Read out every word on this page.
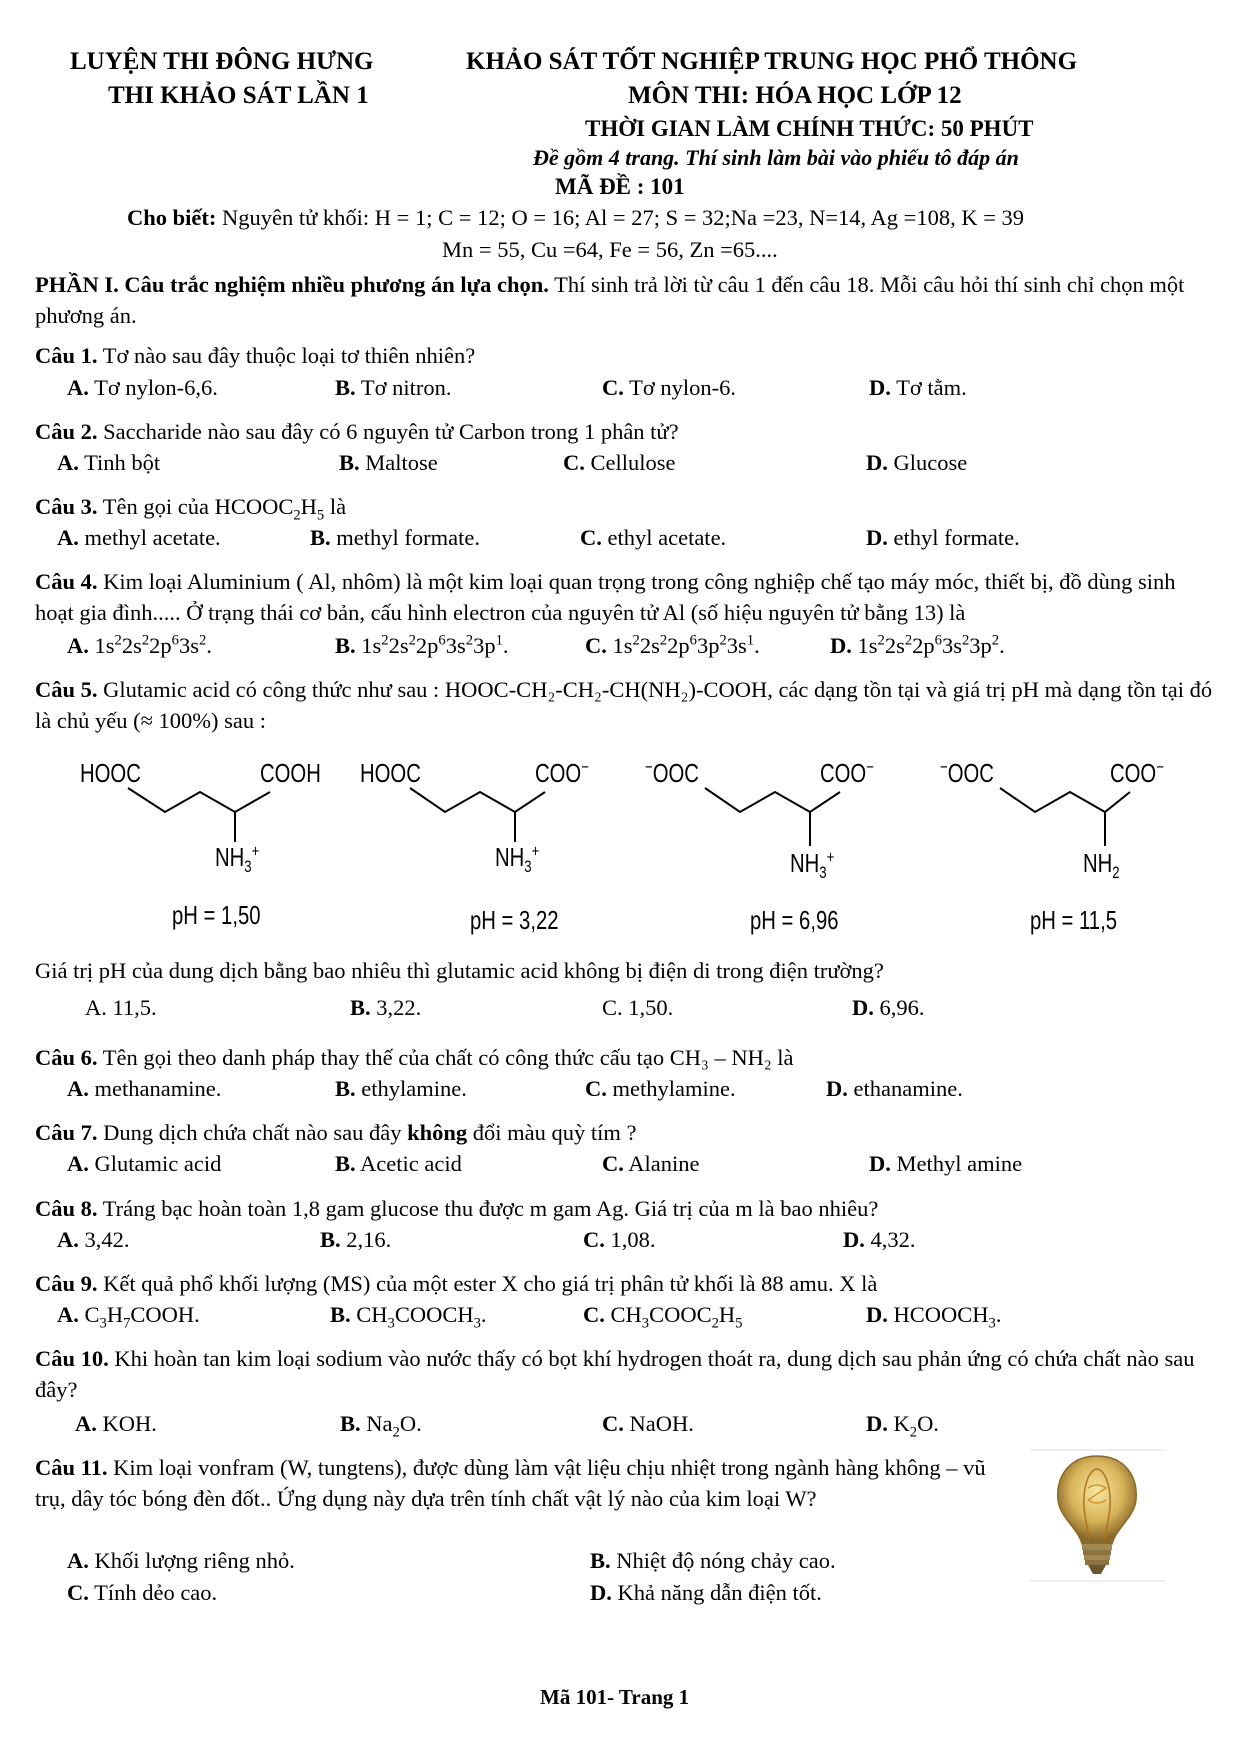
LUYỆN THI ĐÔNG HƯNG
THI KHẢO SÁT LẦN 1
KHẢO SÁT TỐT NGHIỆP TRUNG HỌC PHỔ THÔNG
MÔN THI: HÓA HỌC LỚP 12
THỜI GIAN LÀM CHÍNH THỨC: 50 PHÚT
Đề gồm 4 trang. Thí sinh làm bài vào phiếu tô đáp án
MÃ ĐỀ : 101
Cho biết: Nguyên tử khối: H = 1; C = 12; O = 16; Al = 27; S = 32;Na =23, N=14, Ag =108, K = 39
Mn = 55, Cu =64, Fe = 56, Zn =65....
PHẦN I. Câu trắc nghiệm nhiều phương án lựa chọn. Thí sinh trả lời từ câu 1 đến câu 18. Mỗi câu hỏi thí sinh chỉ chọn một phương án.
Câu 1. Tơ nào sau đây thuộc loại tơ thiên nhiên?
A. Tơ nylon-6,6.	B. Tơ nitron.	C. Tơ nylon-6.	D. Tơ tằm.
Câu 2. Saccharide nào sau đây có 6 nguyên tử Carbon trong 1 phân tử?
A. Tinh bột	B. Maltose	C. Cellulose	D. Glucose
Câu 3. Tên gọi của $HCOOC_2H_5$ là
A. methyl acetate.	B. methyl formate.	C. ethyl acetate.	D. ethyl formate.
Câu 4. Kim loại Aluminium ( Al, nhôm) là một kim loại quan trọng trong công nghiệp chế tạo máy móc, thiết bị, đồ dùng sinh hoạt gia đình..... Ở trạng thái cơ bản, cấu hình electron của nguyên tử Al (số hiệu nguyên tử bằng 13) là
A. $1s^22s^22p^63s^2$.	B. $1s^22s^22p^63s^23p^1$.	C. $1s^22s^22p^63p^23s^1$.	D. $1s^22s^22p^63s^23p^2$.
Câu 5. Glutamic acid có công thức như sau : HOOC-CH₂-CH₂-CH(NH₂)-COOH, các dạng tồn tại và giá trị pH mà dạng tồn tại đó là chủ yếu (≈ 100%) sau :
HOOC	COOH
$NH_3^+$
pH = 1,50
HOOC	COO−
$NH_3^+$
pH = 3,22
−OOC	COO−
$NH_3^+$
pH = 6,96
−OOC	COO−
$NH_2$
pH = 11,5
Giá trị pH của dung dịch bằng bao nhiêu thì glutamic acid không bị điện di trong điện trường?
A. 11,5.	B. 3,22.	C. 1,50.	D. 6,96.
Câu 6. Tên gọi theo danh pháp thay thế của chất có công thức cấu tạo CH₃ – NH₂ là
A. methanamine.	B. ethylamine.	C. methylamine.	D. ethanamine.
Câu 7. Dung dịch chứa chất nào sau đây không đổi màu quỳ tím ?
A. Glutamic acid	B. Acetic acid	C. Alanine	D. Methyl amine
Câu 8. Tráng bạc hoàn toàn 1,8 gam glucose thu được m gam Ag. Giá trị của m là bao nhiêu?
A. 3,42.	B. 2,16.	C. 1,08.	D. 4,32.
Câu 9. Kết quả phổ khối lượng (MS) của một ester X cho giá trị phân tử khối là 88 amu. X là
A. $C_3H_7COOH$.	B. $CH_3COOCH_3$.	C. $CH_3COOC_2H_5$	D. $HCOOCH_3$.
Câu 10. Khi hoàn tan kim loại sodium vào nước thấy có bọt khí hydrogen thoát ra, dung dịch sau phản ứng có chứa chất nào sau đây?
A. KOH.	B. $Na_2O$.	C. NaOH.	D. $K_2O$.
Câu 11. Kim loại vonfram (W, tungtens), được dùng làm vật liệu chịu nhiệt trong ngành hàng không – vũ trụ, dây tóc bóng đèn đốt.. Ứng dụng này dựa trên tính chất vật lý nào của kim loại W?
A. Khối lượng riêng nhỏ.	B. Nhiệt độ nóng chảy cao.
C. Tính dẻo cao.	D. Khả năng dẫn điện tốt.
Mã 101- Trang 1
